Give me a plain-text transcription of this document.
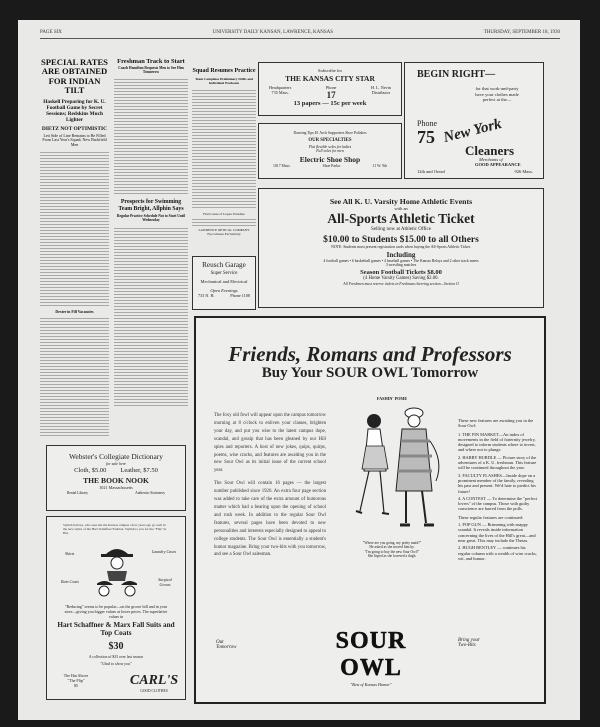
PAGE SIX	UNIVERSITY DAILY KANSAN, LAWRENCE, KANSAS	THURSDAY, SEPTEMBER 18, 1930
SPECIAL RATES ARE OBTAINED FOR INDIAN TILT
Haskell Preparing for K. U. Football Game by Secret Sessions; Redskins Much Lighter
DIETZ NOT OPTIMISTIC
Lett Side of Line Remains to Be Filled From Last Year's Squad; New Backfield Men
Dexter in Fill Vacancies
Freshman Track to Start
Coach Hamilton Requests Men to See Him Tomorrow
Prospects for Swimming Team Bright, Allphin Says
Regular Practice Schedule Not to Start Until Wednesday
Squad Resumes Practice
Team Completes Preliminary Drills and Individual Workouts
Find Cause of Liquor Paradise
LAWRENCE OPTICAL COMPANY
Eye Glasses Exclusively
Subscribe for
THE KANSAS CITY STAR
Headquarters
735 Mass.
Phone
17
H. L. Nevin
Distributor
13 papers — 15c per week
Dancing Tips $1 Arch Supporters Shoe Polishes
OUR SPECIALTIES
Flat flexible soles for ladies
Full soles for men
Electric Shoe Shop
1017 Mass.	Shoe Parlor	11 W. 9th
BEGIN RIGHT—
for that work-and-party
have your clothes made
perfect at the—
Phone
75 New York
Cleaners
Merchants of
GOOD APPEARANCE
12th and Oread	926 Mass.
See All K. U. Varsity Home Athletic Events
with an
All-Sports Athletic Ticket
Selling now at Athletic Office
$10.00 to Students $15.00 to all Others
NOTE: Students must present registration cards when buying the All-Sports Athletic Ticket.
Including
4 football games • 6 basketball games • 4 baseball games • The Kansas Relays and 2 other track meets
3 wrestling matches
Season Football Tickets $8.00
(4 Home Varsity Games) Saving $2.00.
All Freshmen must reserve tickets in Freshman cheering section—Section O
Reusch Garage
Super Service
Mechanical and Electrical
Open Evenings
733 N. H.	Phone 1108
Friends, Romans and Professors
Buy Your SOUR OWL Tomorrow

The foxy old fowl will appear upon the campus tomorrow morning at 8 o'clock to enliven your classes, brighten your day, and put you wise to the latest campus dope, scandal, and gossip that has been gleaned by our Hill spies and reporters. A host of new jokes, quips, quirps, poems, wise cracks, and features are awaiting you in the new Sour Owl as its initial issue of the current school year.

The Sour Owl will contain 16 pages — the largest number published since 1926. An extra four page section was added to take care of the extra amount of humorous matter which had a bearing upon the opening of school and rush week. In addition to the regular Sour Owl features, several pages have been devoted to new personalities and interests especially designed to appeal to college students. The Sour Owl is essentially a student's humor magazine. Bring your two-bits with you tomorrow, and see a Sour Owl salesman.

FASHIN' POME
"Where are you going, my pretty maid?"
He asked as she moved him by.
"I'm going to buy the new Sour Owl!"
She lisped as she lowered a thigh.
These new features are awaiting you in the Sour Owl:
1. THE PIN MARKET—An index of movements in the field of fraternity jewelry, designed to inform students where to invest, and where not to plunge.
2. HARRY HURDLE — Picture story of the adventures of a K. U. freshman. This feature will be continued throughout the year.
3. FACULTY FLASHES—Inside dope on a prominent member of the family, revealing his past and present. We'd hate to predict his future!
4. A CONTEST — To determine the "perfect lovers" of the campus. Those with guilty conscience are barred from the polls.
These regular features are continued:
1. POP GUN — Brimming with snappy scandal. It reveals inside information concerning the lives of the Hill's great—and near great. This may include the Thetas.
2. HUGH BENTLEY — continues his regular column with a wealth of wise cracks, wit, and humor.
Out
Tomorrow	SOUR OWL
"Best of Kansas Humor"
Bring your
Two-Bits
Webster's Collegiate Dictionary
for sale here
Cloth, $5.00 Leather, $7.50
THE BOOK NOOK
1021 Massachusetts
Rental Library	Authentic Stationery
Stylish fellows, who sees me the Kansas campus a few years ago go well in the new styles of the Hart Schaffner Fashion. Stylish to you for the "Flip" in Hat.
Shirts	Laundry Cases
Rain Coats	Surgical Gowns
"Reducing" seems to be popular—on the grocer bill and in your store—giving you bigger values at lower prices. The superlative values in
Hart Schaffner & Marx Fall Suits and Top Coats
$30
A collection of $35 over last season
"Glad to show you"
The Hat Above
"The Flip"
$5	CARL'S
GOOD CLOTHES
